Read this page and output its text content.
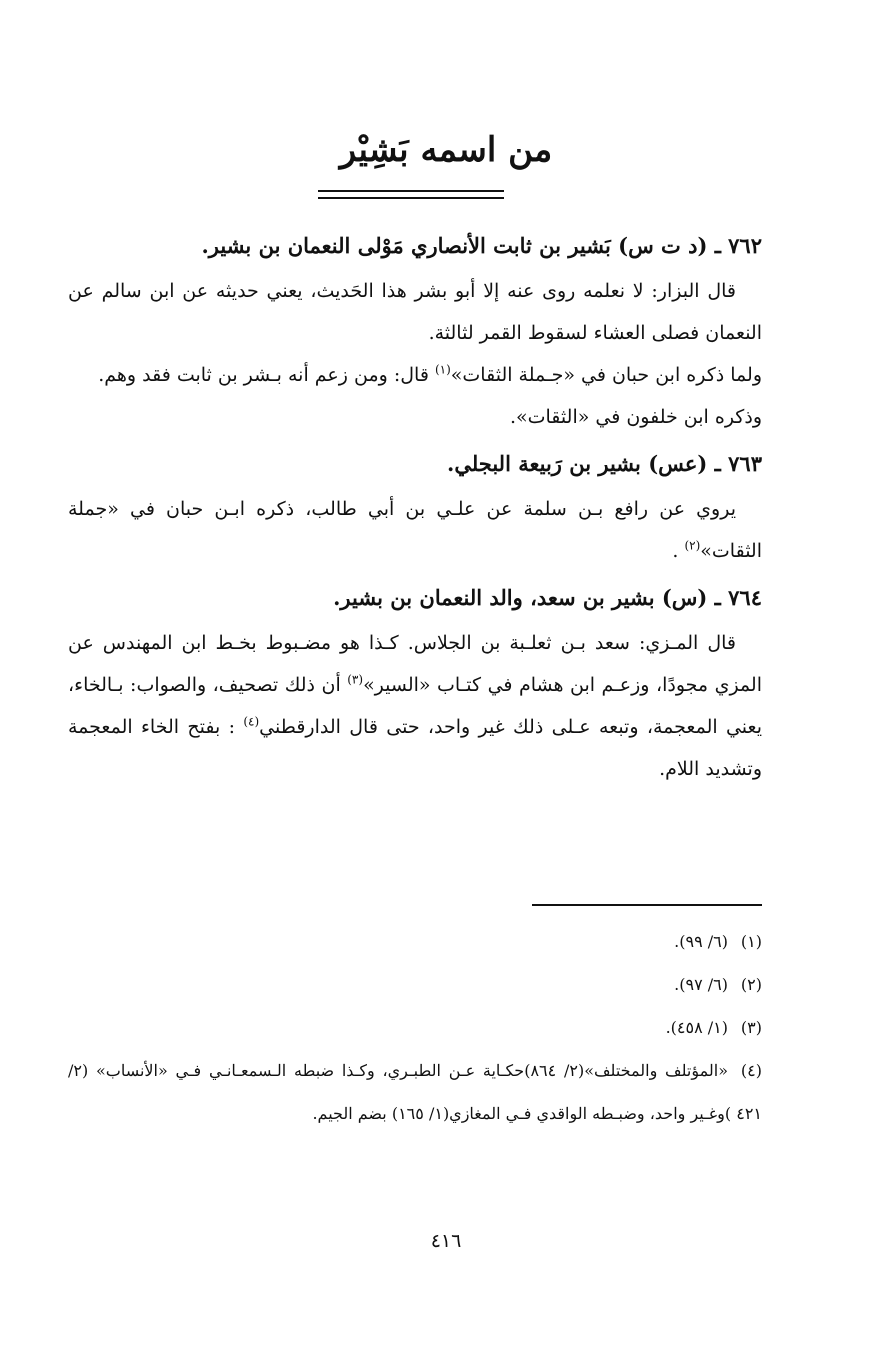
من اسمه بَشِيْر
٧٦٢ ـ (د ت س) بَشير بن ثابت الأنصاري مَوْلى النعمان بن بشير.

قال البزار: لا نعلمه روى عنه إلا أبو بشر هذا الحَديث، يعني حديثه عن ابن سالم عن النعمان فصلى العشاء لسقوط القمر لثالثة.

ولما ذكره ابن حبان في «جـملة الثقات»$^{(١)}$ قال: ومن زعم أنه بـشر بن ثابت فقد وهم.

وذكره ابن خلفون في «الثقات».

٧٦٣ ـ (عس) بشير بن رَبيعة البجلي.

يروي عن رافع بـن سلمة عن علـي بن أبي طالب، ذكره ابـن حبان في «جملة الثقات»$^{(٢)}$ .

٧٦٤ ـ (س) بشير بن سعد، والد النعمان بن بشير.

قال المـزي: سعد بـن ثعلـبة بن الجلاس. كـذا هو مضـبوط بخـط ابن المهندس عن المزي مجودًا، وزعـم ابن هشام في كتـاب «السير»$^{(٣)}$ أن ذلك تصحيف، والصواب: بـالخاء، يعني المعجمة، وتبعه عـلى ذلك غير واحد، حتى قال الدارقطني$^{(٤)}$ : بفتح الخاء المعجمة وتشديد اللام.

(١)(٦/ ٩٩).

(٢)(٦/ ٩٧).

(٣)(١/ ٤٥٨).

(٤)«المؤتلف والمختلف»(٢/ ٨٦٤)حكـاية عـن الطبـري، وكـذا ضبطه الـسمعـانـي فـي «الأنساب» (٢/ ٤٢١ )وغـير واحد، وضبـطه الواقدي فـي المغازي(١/ ١٦٥) بضم الجيم.

٤١٦
